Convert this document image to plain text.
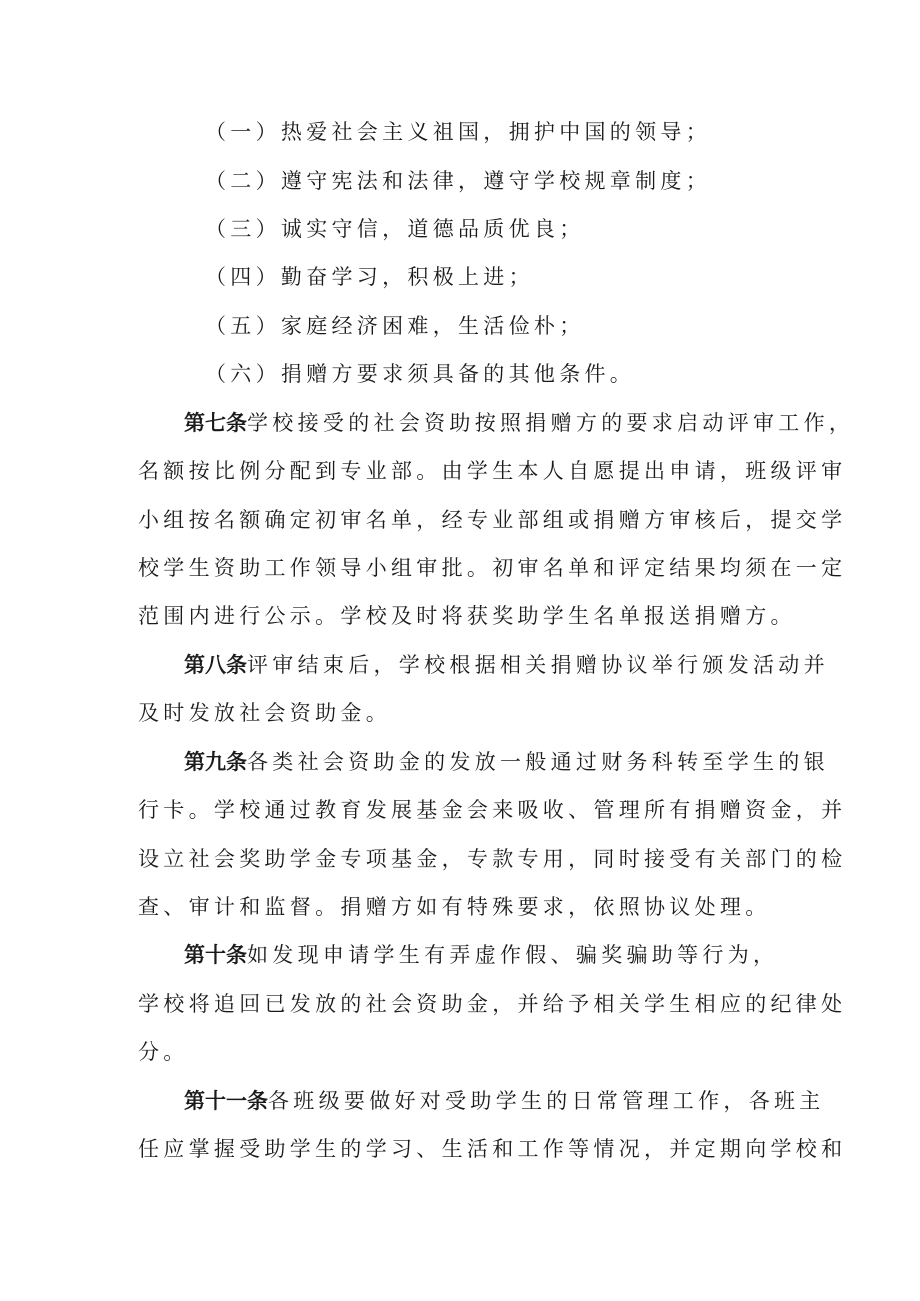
（一）热爱社会主义祖国，拥护中国的领导；
（二）遵守宪法和法律，遵守学校规章制度；
（三）诚实守信，道德品质优良；
（四）勤奋学习，积极上进；
（五）家庭经济困难，生活俭朴；
（六）捐赠方要求须具备的其他条件。
第七条学校接受的社会资助按照捐赠方的要求启动评审工作，
名额按比例分配到专业部。由学生本人自愿提出申请，班级评审
小组按名额确定初审名单，经专业部组或捐赠方审核后，提交学
校学生资助工作领导小组审批。初审名单和评定结果均须在一定
范围内进行公示。学校及时将获奖助学生名单报送捐赠方。
第八条评审结束后，学校根据相关捐赠协议举行颁发活动并
及时发放社会资助金。
第九条各类社会资助金的发放一般通过财务科转至学生的银
行卡。学校通过教育发展基金会来吸收、管理所有捐赠资金，并
设立社会奖助学金专项基金，专款专用，同时接受有关部门的检
查、审计和监督。捐赠方如有特殊要求，依照协议处理。
第十条如发现申请学生有弄虚作假、骗奖骗助等行为，
学校将追回已发放的社会资助金，并给予相关学生相应的纪律处
分。
第十一条各班级要做好对受助学生的日常管理工作，各班主
任应掌握受助学生的学习、生活和工作等情况，并定期向学校和
